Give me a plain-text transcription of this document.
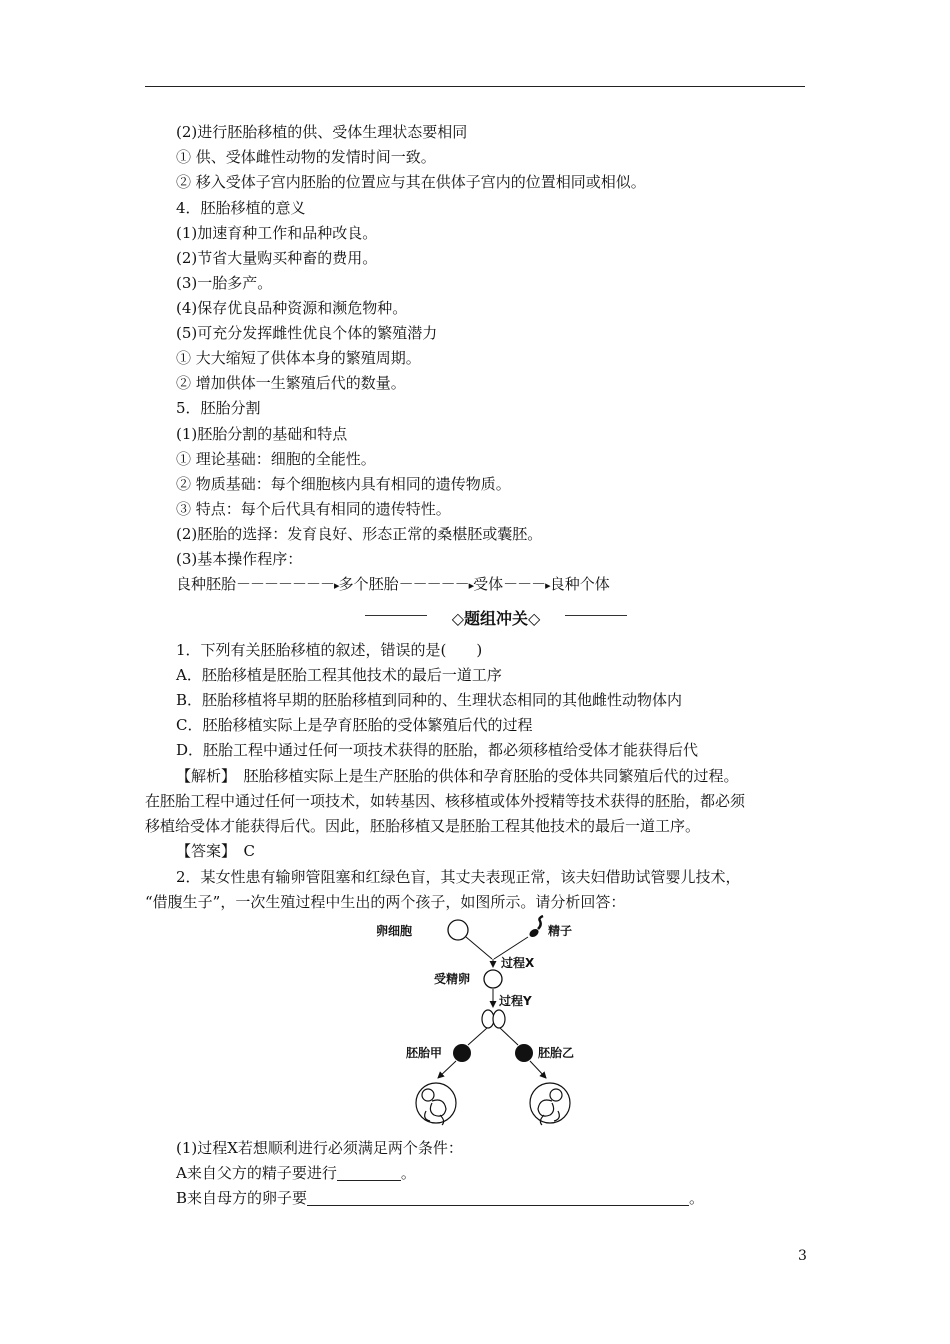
(2)进行胚胎移植的供、受体生理状态要相同
① 供、受体雌性动物的发情时间一致。
② 移入受体子宫内胚胎的位置应与其在供体子宫内的位置相同或相似。
4．胚胎移植的意义
(1)加速育种工作和品种改良。
(2)节省大量购买种畜的费用。
(3)一胎多产。
(4)保存优良品种资源和濒危物种。
(5)可充分发挥雌性优良个体的繁殖潜力
① 大大缩短了供体本身的繁殖周期。
② 增加供体一生繁殖后代的数量。
5．胚胎分割
(1)胚胎分割的基础和特点
① 理论基础：细胞的全能性。
② 物质基础：每个细胞核内具有相同的遗传物质。
③ 特点：每个后代具有相同的遗传特性。
(2)胚胎的选择：发育良好、形态正常的桑椹胚或囊胚。
(3)基本操作程序：
良种胚胎－－－－－－－ ▸ 多个胚胎－－－－－ ▸ 受体－－－ ▸ 良种个体
◇题组冲关◇
1．下列有关胚胎移植的叙述，错误的是(　　)
A．胚胎移植是胚胎工程其他技术的最后一道工序
B．胚胎移植将早期的胚胎移植到同种的、生理状态相同的其他雌性动物体内
C．胚胎移植实际上是孕育胚胎的受体繁殖后代的过程
D．胚胎工程中通过任何一项技术获得的胚胎，都必须移植给受体才能获得后代
【解析】　胚胎移植实际上是生产胚胎的供体和孕育胚胎的受体共同繁殖后代的过程。
在胚胎工程中通过任何一项技术，如转基因、核移植或体外授精等技术获得的胚胎，都必须
移植给受体才能获得后代。因此，胚胎移植又是胚胎工程其他技术的最后一道工序。
【答案】　C
2．某女性患有输卵管阻塞和红绿色盲，其丈夫表现正常，该夫妇借助试管婴儿技术，
“借腹生子”，一次生殖过程中生出的两个孩子，如图所示。请分析回答：
卵细胞	精子
过程X
受精卵
过程Y
胚胎甲	胚胎乙
(1)过程X若想顺利进行必须满足两个条件：
A来自父方的精子要进行	。
B来自母方的卵子要	。
3
